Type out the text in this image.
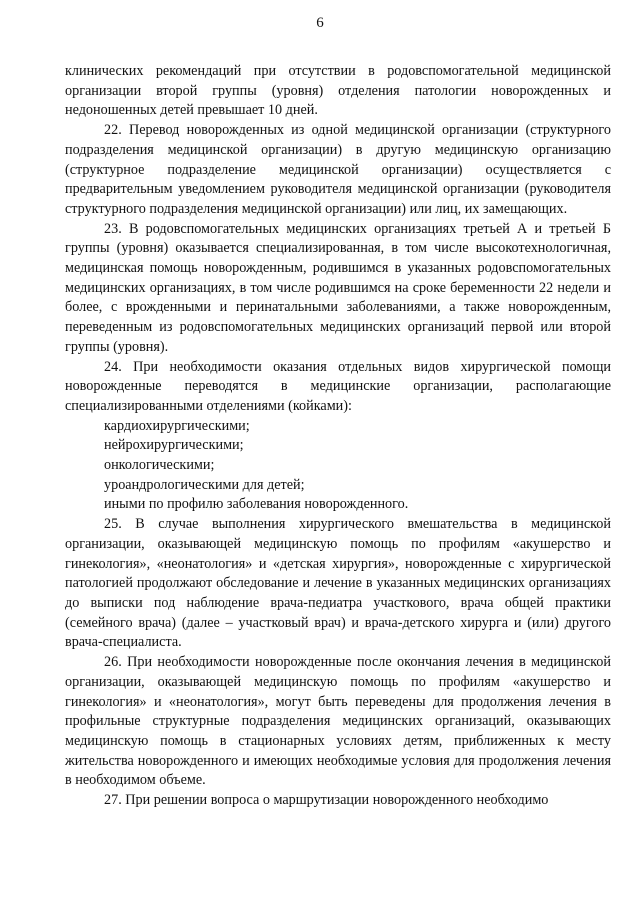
6

клинических рекомендаций при отсутствии в родовспомогательной медицинской организации второй группы (уровня) отделения патологии новорожденных и недоношенных детей превышает 10 дней.

22. Перевод новорожденных из одной медицинской организации (структурного подразделения медицинской организации) в другую медицинскую организацию (структурное подразделение медицинской организации) осуществляется с предварительным уведомлением руководителя медицинской организации (руководителя структурного подразделения медицинской организации) или лиц, их замещающих.

23. В родовспомогательных медицинских организациях третьей А и третьей Б группы (уровня) оказывается специализированная, в том числе высокотехнологичная, медицинская помощь новорожденным, родившимся в указанных родовспомогательных медицинских организациях, в том числе родившимся на сроке беременности 22 недели и более, с врожденными и перинатальными заболеваниями, а также новорожденным, переведенным из родовспомогательных медицинских организаций первой или второй группы (уровня).

24. При необходимости оказания отдельных видов хирургической помощи новорожденные переводятся в медицинские организации, располагающие специализированными отделениями (койками):

кардиохирургическими;

нейрохирургическими;

онкологическими;

уроандрологическими для детей;

иными по профилю заболевания новорожденного.

25. В случае выполнения хирургического вмешательства в медицинской организации, оказывающей медицинскую помощь по профилям «акушерство и гинекология», «неонатология» и «детская хирургия», новорожденные с хирургической патологией продолжают обследование и лечение в указанных медицинских организациях до выписки под наблюдение врача-педиатра участкового, врача общей практики (семейного врача) (далее – участковый врач) и врача-детского хирурга и (или) другого врача-специалиста.

26. При необходимости новорожденные после окончания лечения в медицинской организации, оказывающей медицинскую помощь по профилям «акушерство и гинекология» и «неонатология», могут быть переведены для продолжения лечения в профильные структурные подразделения медицинских организаций, оказывающих медицинскую помощь в стационарных условиях детям, приближенных к месту жительства новорожденного и имеющих необходимые условия для продолжения лечения в необходимом объеме.

27. При решении вопроса о маршрутизации новорожденного необходимо
